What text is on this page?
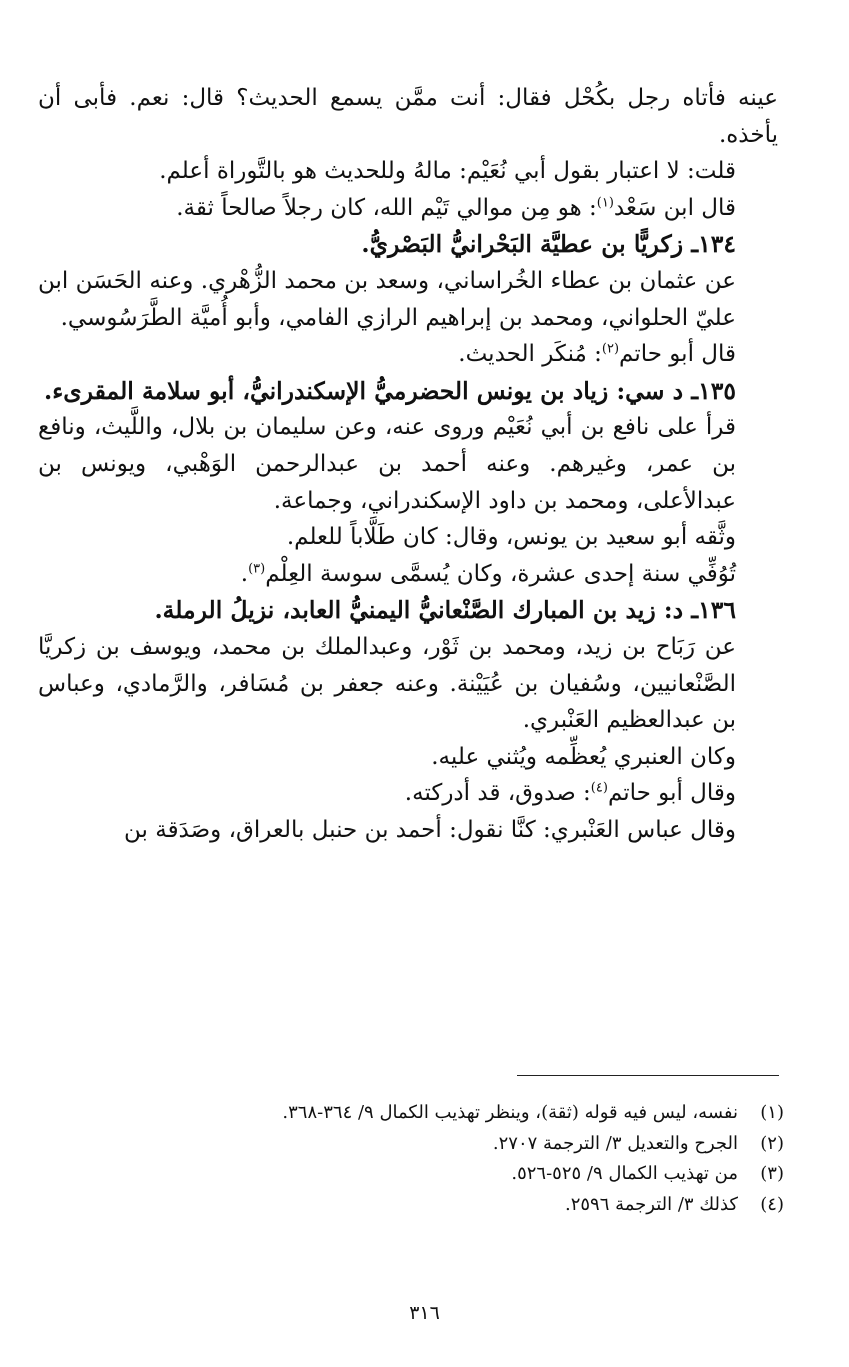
عينه فأتاه رجل بكُحْل فقال: أنت ممَّن يسمع الحديث؟ قال: نعم. فأبى أن يأخذه.
قلت: لا اعتبار بقول أبي نُعَيْم: مالهُ وللحديث هو بالتَّوراة أعلم.
قال ابن سَعْد$^{(١)}$: هو مِن موالي تَيْم الله، كان رجلاً صالحاً ثقة.
١٣٤ـ زكريًّا بن عطيَّة البَحْرانيُّ البَصْريُّ.
عن عثمان بن عطاء الخُراساني، وسعد بن محمد الزُّهْري. وعنه الحَسَن ابن عليّ الحلواني، ومحمد بن إبراهيم الرازي الفامي، وأبو أُميَّة الطَّرَسُوسي.
قال أبو حاتم$^{(٢)}$: مُنكَر الحديث.
١٣٥ـ د سي: زياد بن يونس الحضرميُّ الإسكندرانيُّ، أبو سلامة المقرىء.
قرأ على نافع بن أبي نُعَيْم وروى عنه، وعن سليمان بن بلال، واللَّيث، ونافع بن عمر، وغيرهم. وعنه أحمد بن عبدالرحمن الوَهْبي، ويونس بن عبدالأعلى، ومحمد بن داود الإسكندراني، وجماعة.
وثَّقه أبو سعيد بن يونس، وقال: كان طَلَّاباً للعلم.
تُوُفِّي سنة إحدى عشرة، وكان يُسمَّى سوسة العِلْم$^{(٣)}$.
١٣٦ـ د: زيد بن المبارك الصَّنْعانيُّ اليمنيُّ العابد، نزيلُ الرملة.
عن رَبَاح بن زيد، ومحمد بن ثَوْر، وعبدالملك بن محمد، ويوسف بن زكريَّا الصَّنْعانيين، وسُفيان بن عُيَيْنة. وعنه جعفر بن مُسَافر، والرَّمادي، وعباس بن عبدالعظيم العَنْبري.
وكان العنبري يُعظِّمه ويُثني عليه.
وقال أبو حاتم$^{(٤)}$: صدوق، قد أدركته.
وقال عباس العَنْبري: كنَّا نقول: أحمد بن حنبل بالعراق، وصَدَقة بن
(١)نفسه، ليس فيه قوله (ثقة)، وينظر تهذيب الكمال ٩/ ٣٦٤-٣٦٨.
(٢)الجرح والتعديل ٣/ الترجمة ٢٧٠٧.
(٣)من تهذيب الكمال ٩/ ٥٢٥-٥٢٦.
(٤)كذلك ٣/ الترجمة ٢٥٩٦.
٣١٦
